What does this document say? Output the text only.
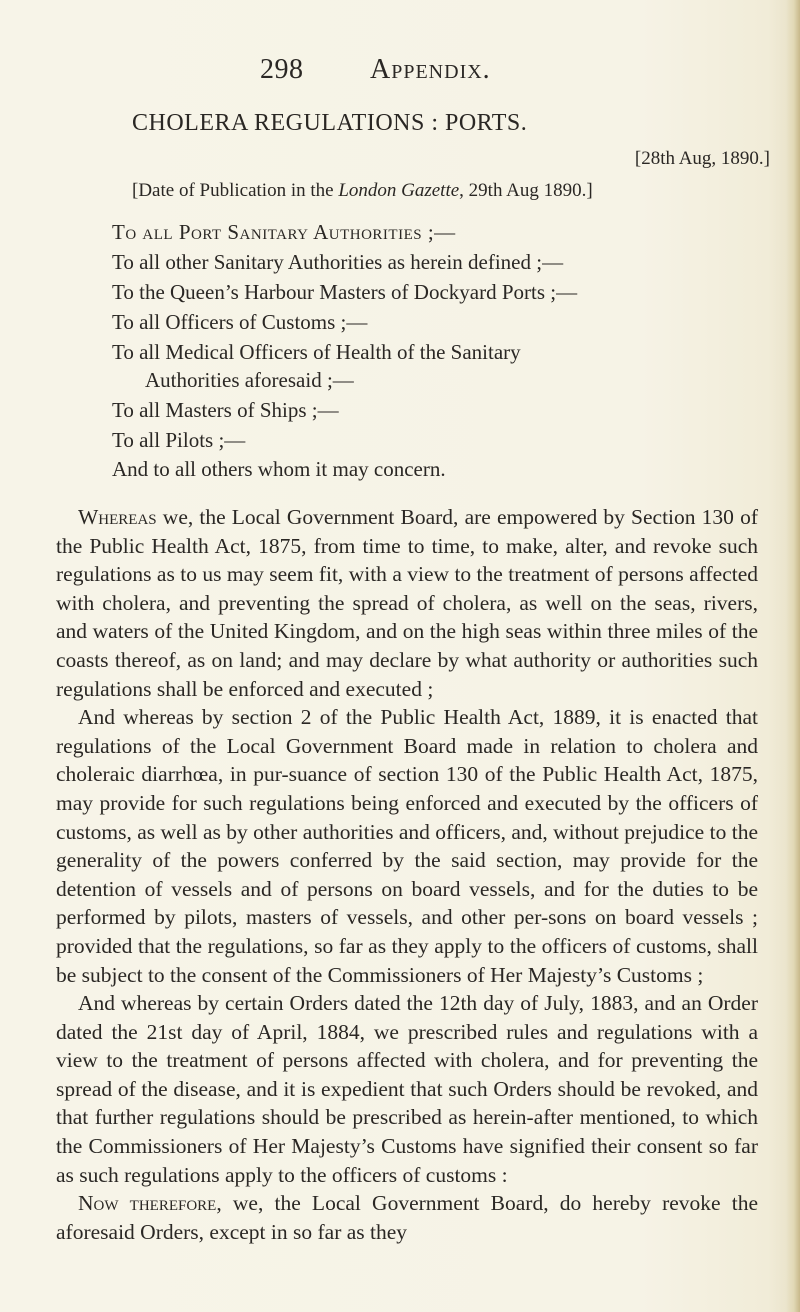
298 Appendix.
CHOLERA REGULATIONS : PORTS.
[28th Aug, 1890.]
[Date of Publication in the London Gazette, 29th Aug 1890.]
To all Port Sanitary Authorities ;—
To all other Sanitary Authorities as herein defined ;—
To the Queen’s Harbour Masters of Dockyard Ports ;—
To all Officers of Customs ;—
To all Medical Officers of Health of the Sanitary
Authorities aforesaid ;—
To all Masters of Ships ;—
To all Pilots ;—
And to all others whom it may concern.

Whereas we, the Local Government Board, are empowered by Section 130 of the Public Health Act, 1875, from time to time, to make, alter, and revoke such regulations as to us may seem fit, with a view to the treatment of persons affected with cholera, and preventing the spread of cholera, as well on the seas, rivers, and waters of the United Kingdom, and on the high seas within three miles of the coasts thereof, as on land; and may declare by what authority or authorities such regulations shall be enforced and executed ;

And whereas by section 2 of the Public Health Act, 1889, it is enacted that regulations of the Local Government Board made in relation to cholera and choleraic diarrhœa, in pur-suance of section 130 of the Public Health Act, 1875, may provide for such regulations being enforced and executed by the officers of customs, as well as by other authorities and officers, and, without prejudice to the generality of the powers conferred by the said section, may provide for the detention of vessels and of persons on board vessels, and for the duties to be performed by pilots, masters of vessels, and other per-sons on board vessels ; provided that the regulations, so far as they apply to the officers of customs, shall be subject to the consent of the Commissioners of Her Majesty’s Customs ;

And whereas by certain Orders dated the 12th day of July, 1883, and an Order dated the 21st day of April, 1884, we prescribed rules and regulations with a view to the treatment of persons affected with cholera, and for preventing the spread of the disease, and it is expedient that such Orders should be revoked, and that further regulations should be prescribed as herein-after mentioned, to which the Commissioners of Her Majesty’s Customs have signified their consent so far as such regulations apply to the officers of customs :

Now therefore, we, the Local Government Board, do hereby revoke the aforesaid Orders, except in so far as they
